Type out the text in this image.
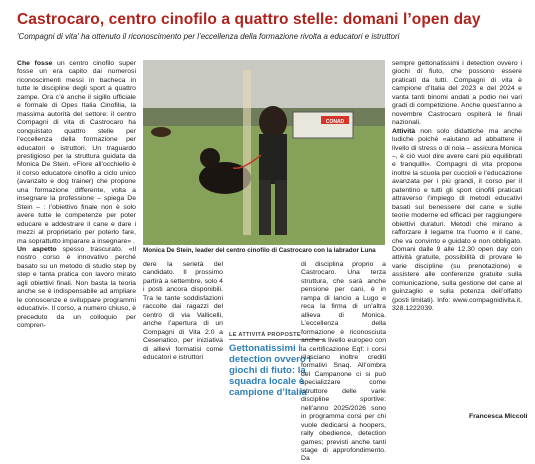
Castrocaro, centro cinofilo a quattro stelle: domani l’open day
'Compagni di vita' ha ottenuto il riconoscimento per l’eccellenza della formazione rivolta a educatori e istruttori

Che fosse un centro cinofilo super fosse un era capito dai numerosi riconoscimenti messi in bacheca in tutte le discipline degli sport a quattro zampe. Ora c’è anche il sigillo ufficiale e formale di Opes Italia Cinofilia, la massima autorità del settore: il centro Compagni di vita di Castrocaro ha conquistato quattro stelle per l’eccellenza della formazione per educatori e istruttori. Un traguardo prestigioso per la struttura guidata da Monica De Stein. «Fiore all’occhiello è il corso educatore cinofilo a ciclo unico (avanzato e dog trainer) che propone una formazione differente, volta a insegnare la professione – spiega De Stein – : l’obiettivo finale non è solo avere tutte le competenze per poter educare e addestrare il cane e dare i mezzi al proprietario per poterlo fare, ma soprattutto imparare a insegnare» .

Un aspetto spesso trascurato. «Il nostro corso è innovativo perché basato su un metodo di studio step by step e tanta pratica con lavoro mirato agli obiettivi finali. Non basta la teoria anche se è indispensabile ad ampliare le conoscenze e sviluppare programmi educativi». Il corso, a numero chiuso, è preceduto da un colloquio per compren-

CONAD
Monica De Stein, leader del centro cinofilo di Castrocaro con la labrador Luna

dere la serietà del candidato. Il prossimo partirà a settembre, solo 4 i posti ancora disponibili. Tra le tante soddisfazioni raccolte dai ragazzi del centro di via Vallicelli, anche l’apertura di un Compagni di Vita 2.0 a Cesenatico, per iniziativa di allievi formatisi come educatori e istruttori

LE ATTIVITÀ PROPOSTE
Gettonatissimi i detection ovvero i giochi di fiuto: la squadra locale è campione d’Italia

di disciplina proprio a Castrocaro. Una terza struttura, che sarà anche pensione per cani, è in rampa di lancio a Lugo e reca la firma di un’altra allieva di Monica. L’eccellenza della formazione è riconosciuta anche a livello europeo con la certificazione Eqf: i corsi rilasciano inoltre crediti formativi Snaq. All’ombra del Campanone ci si può specializzare come istruttore delle varie discipline sportive: nell’anno 2025/2026 sono in programma corsi per chi vuole dedicarsi a hoopers, rally obedience, detection games; previsti anche tanti stage di approfondimento. Da

sempre gettonatissimi i detection ovvero i giochi di fiuto, che possono essere praticati da tutti. Compagni di vita è campione d’Italia del 2023 e del 2024 e vanta tanti binomi andati a podio nei vari gradi di competizione. Anche quest’anno a novembre Castrocaro ospiterà le finali nazionali.

Attività non solo didattiche ma anche ludiche poiché «aiutano ad abbattere il livello di stress o di noia – assicura Monica –, è ciò vuol dire avere cani più equilibrati e tranquilli». Compagni di vita propone inoltre la scuola per cuccioli e l’educazione avanzata per i più grandi, il corso per il patentino e tutti gli sport cinofili praticati attraverso l’impiego di metodi educativi basati sul benessere del cane e sulle teorie moderne ed efficaci per raggiungere obiettivi duraturi. Metodi che mirano a rafforzare il legame tra l’uomo e il cane, che va convinto e guidato e non obbligato. Domani dalle 9 alle 12.30 open day con attività gratuite, possibilità di provare le varie discipline (su prenotazione) e assistere alle conferenze gratuite sulla comunicazione, sulla gestione del cane al guinzaglio e sulla potenza dell’olfatto (posti limitati). Info: www.compagnidivita.it, 328.1222039.

Francesca Miccoli
